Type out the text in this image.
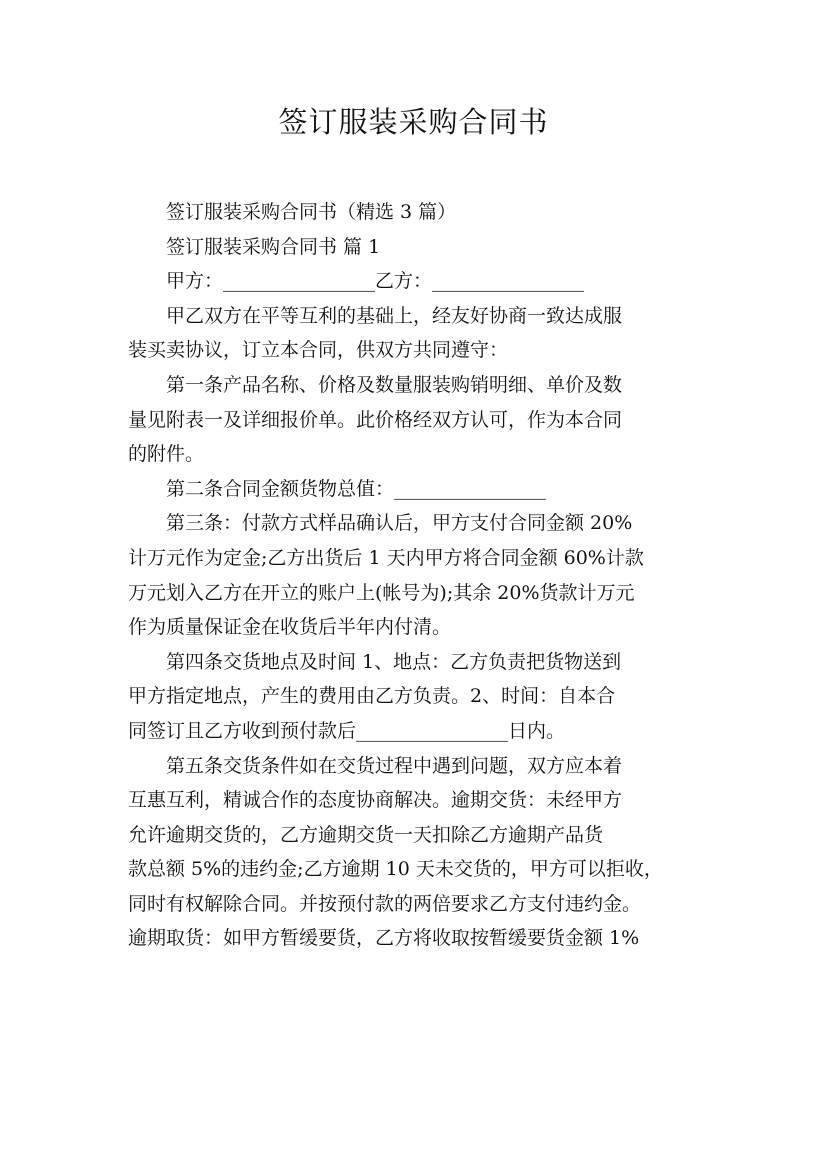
签订服装采购合同书
签订服装采购合同书（精选 3 篇）
签订服装采购合同书 篇 1
甲方：________________乙方：________________
甲乙双方在平等互利的基础上，经友好协商一致达成服
装买卖协议，订立本合同，供双方共同遵守：
第一条产品名称、价格及数量服装购销明细、单价及数
量见附表一及详细报价单。此价格经双方认可，作为本合同
的附件。
第二条合同金额货物总值：________________
第三条：付款方式样品确认后，甲方支付合同金额 20%
计万元作为定金;乙方出货后 1 天内甲方将合同金额 60%计款
万元划入乙方在开立的账户上(帐号为);其余 20%货款计万元
作为质量保证金在收货后半年内付清。
第四条交货地点及时间 1、地点：乙方负责把货物送到
甲方指定地点，产生的费用由乙方负责。2、时间：自本合
同签订且乙方收到预付款后________________日内。
第五条交货条件如在交货过程中遇到问题，双方应本着
互惠互利，精诚合作的态度协商解决。逾期交货：未经甲方
允许逾期交货的，乙方逾期交货一天扣除乙方逾期产品货
款总额 5%的违约金;乙方逾期 10 天未交货的，甲方可以拒收，
同时有权解除合同。并按预付款的两倍要求乙方支付违约金。
逾期取货：如甲方暂缓要货，乙方将收取按暂缓要货金额 1%
